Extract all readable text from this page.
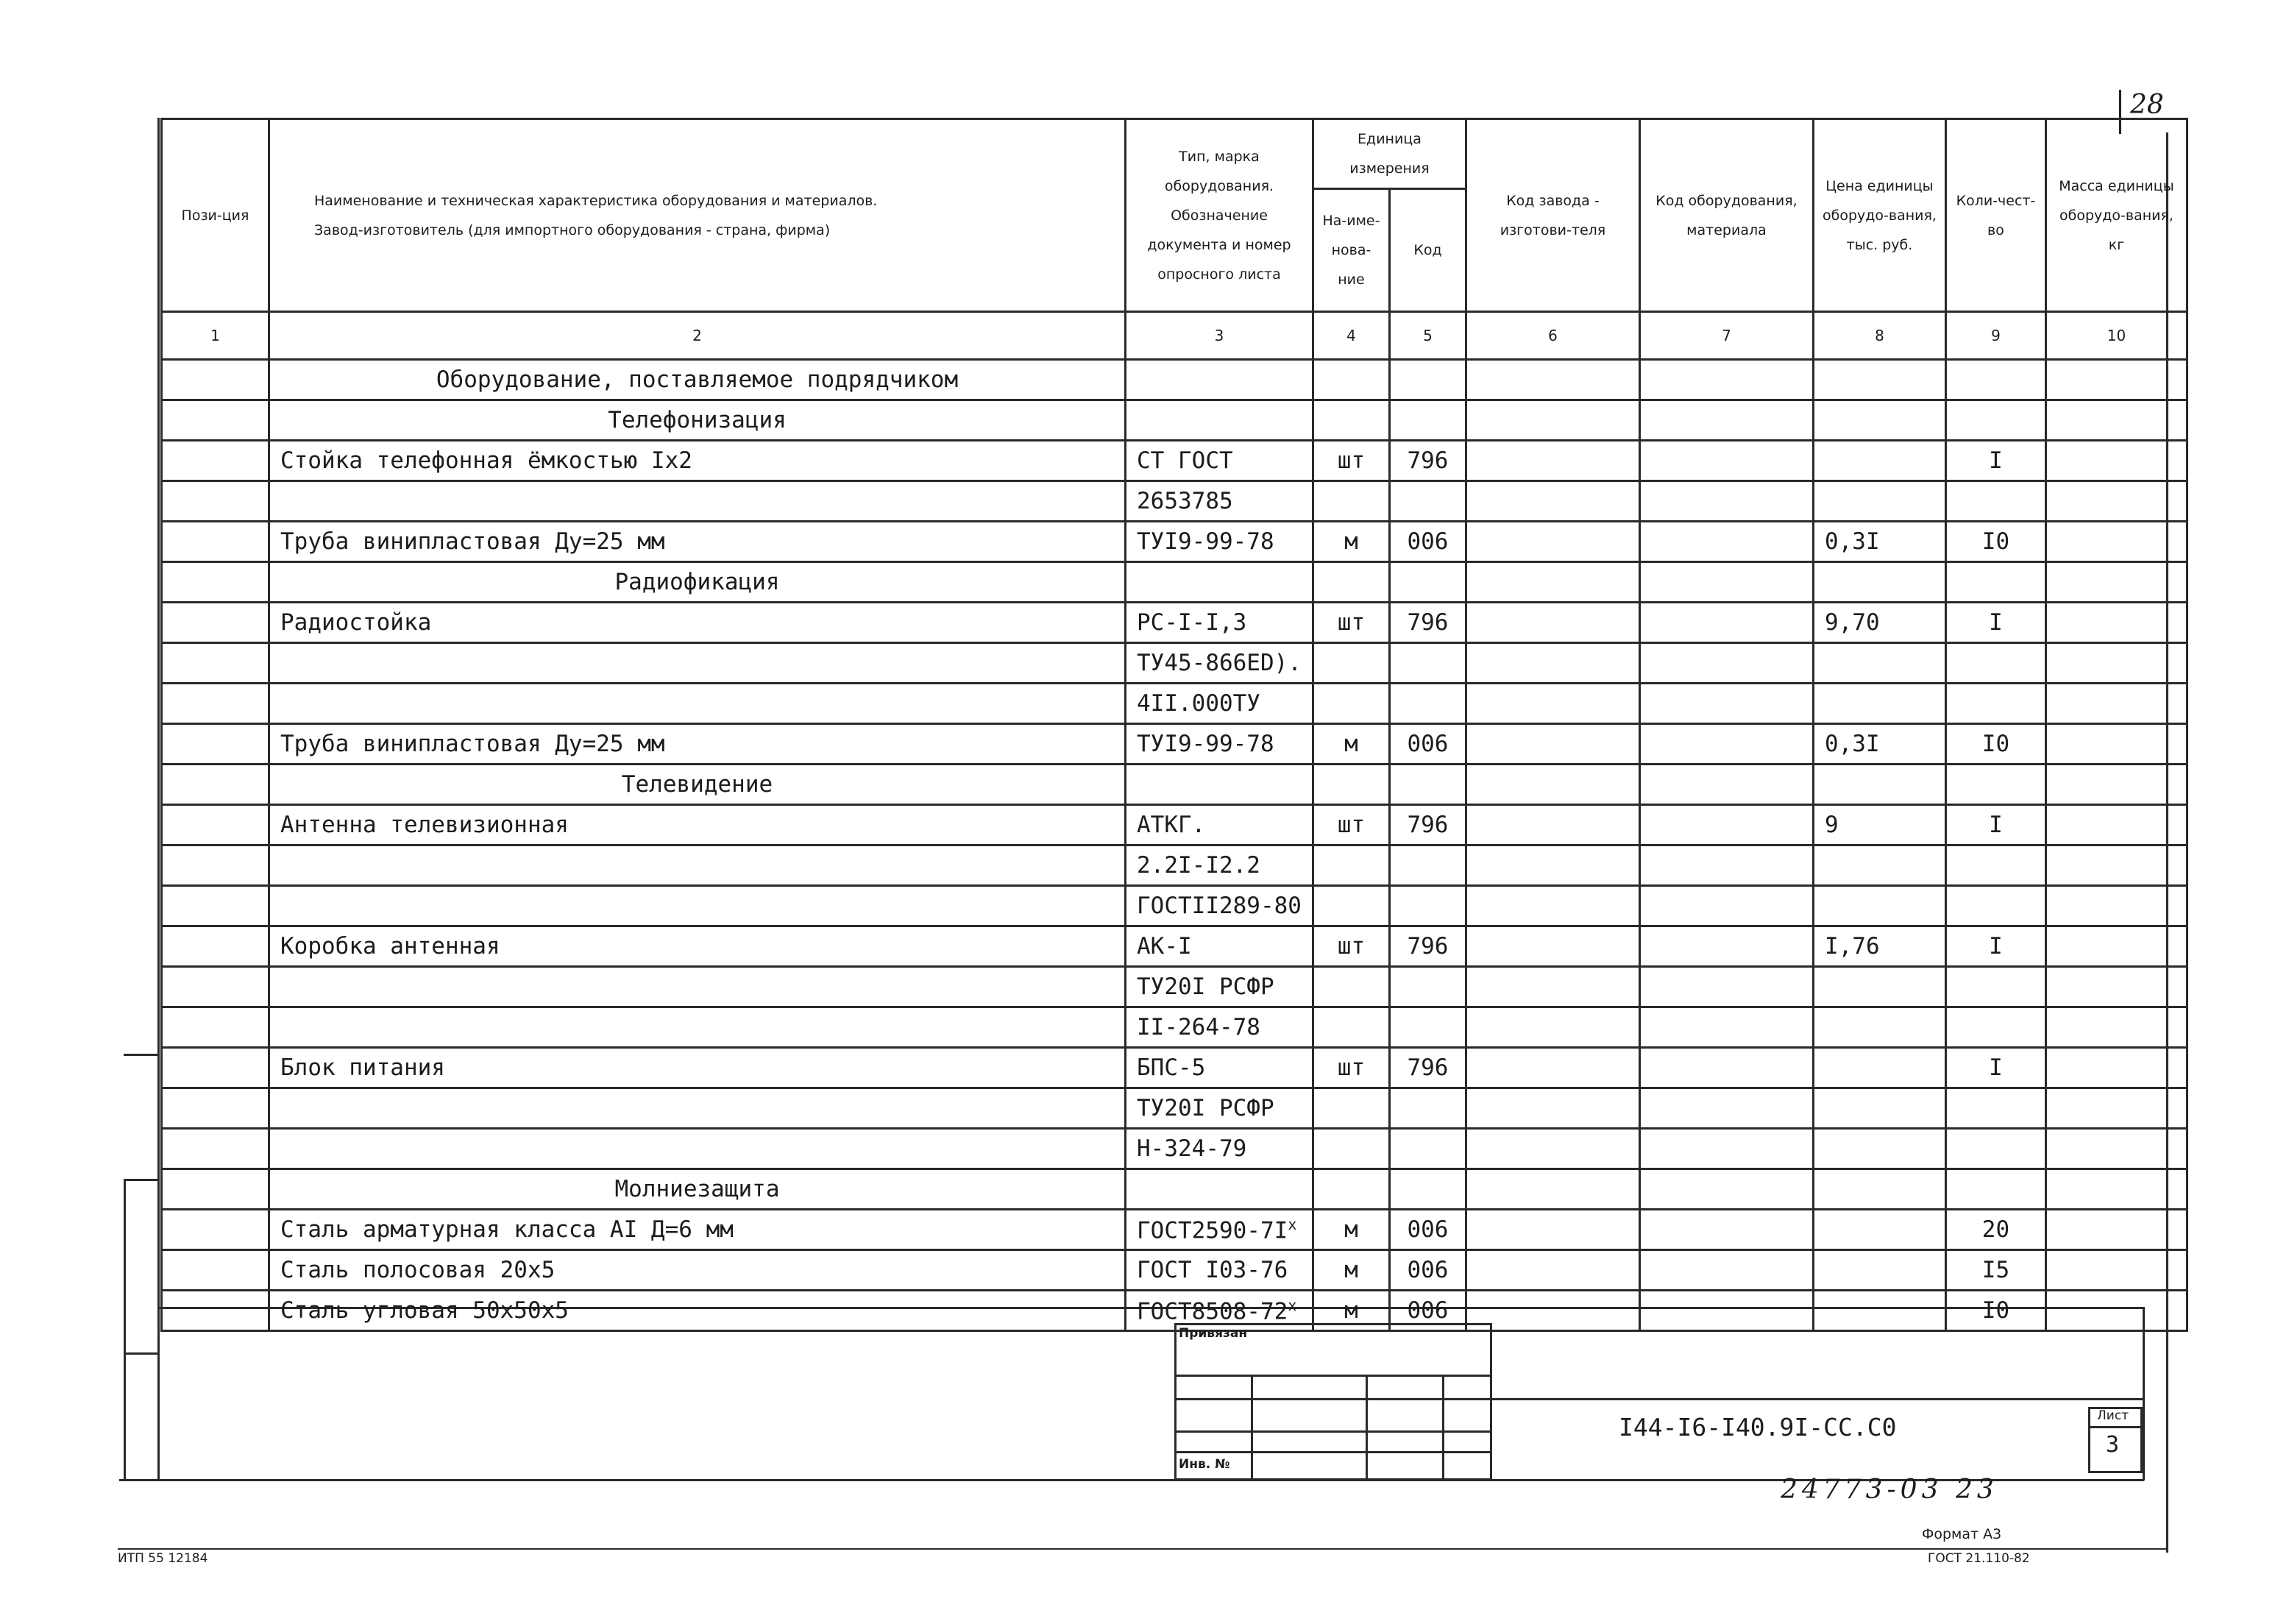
28
Пози-ция	Наименование и техническая характеристика оборудования и материалов.
Завод-изготовитель (для импортного оборудования - страна, фирма)	Тип, марка оборудования. Обозначение документа и номер опросного листа	Единица измерения		Код завода - изготови-теля	Код оборудования, материала	Цена единицы оборудо-вания, тыс. руб.	Коли-чест-во	Масса единицы оборудо-вания, кг
			На-име-нова-ние	Код					
1	2	3	4	5	6	7	8	9	10
	Оборудование, поставляемое подрядчиком								
	Телефонизация								
	Стойка телефонная ёмкостью Iх2	СТ ГОСТ	шт	796				I	
		2653785							
	Труба винипластовая Ду=25 мм	ТУI9-99-78	м	006			0,3I	I0	
	Радиофикация								
	Радиостойка	РС-I-I,3	шт	796			9,70	I	
		ТУ45-866ЕD).							
		4II.000ТУ							
	Труба винипластовая Ду=25 мм	ТУI9-99-78	м	006			0,3I	I0	
	Телевидение								
	Антенна телевизионная	АТКГ.	шт	796			9	I	
		2.2I-I2.2							
		ГОСТII289-80							
	Коробка антенная	АК-I	шт	796			I,76	I	
		ТУ20I РСФР							
		II-264-78							
	Блок питания	БПС-5	шт	796				I	
		ТУ20I РСФР							
		Н-324-79							
	Молниезащита								
	Сталь арматурная класса АI Д=6 мм	$ГОСТ2590-7I^х$	м	006				20	
	Сталь полосовая 20х5	ГОСТ I03-76	м	006				I5	
	Сталь угловая 50х50х5	$ГОСТ8508-72^х$	м	006				I0	
Привязан
Инв. №
I44-I6-I40.9I-СС.С0	Лист
3
24773-03 23
Формат А3
ИТП 55 12184	ГОСТ 21.110-82
